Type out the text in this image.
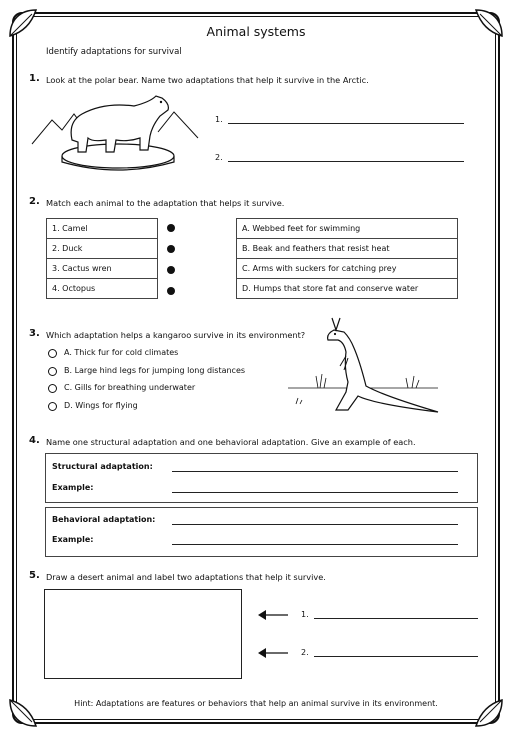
Animal systems
Identify adaptations for survival
1. Look at the polar bear. Name two adaptations that help it survive in the Arctic.
1.
2.
2. Match each animal to the adaptation that helps it survive.
1. Camel
2. Duck
3. Cactus wren
4. Octopus
A. Webbed feet for swimming
B. Beak and feathers that resist heat
C. Arms with suckers for catching prey
D. Humps that store fat and conserve water
3. Which adaptation helps a kangaroo survive in its environment?
A. Thick fur for cold climates
B. Large hind legs for jumping long distances
C. Gills for breathing underwater
D. Wings for flying
4. Name one structural adaptation and one behavioral adaptation. Give an example of each.
Structural adaptation:
Example:
Behavioral adaptation:
Example:
5. Draw a desert animal and label two adaptations that help it survive.
1.
2.
Hint: Adaptations are features or behaviors that help an animal survive in its environment.
